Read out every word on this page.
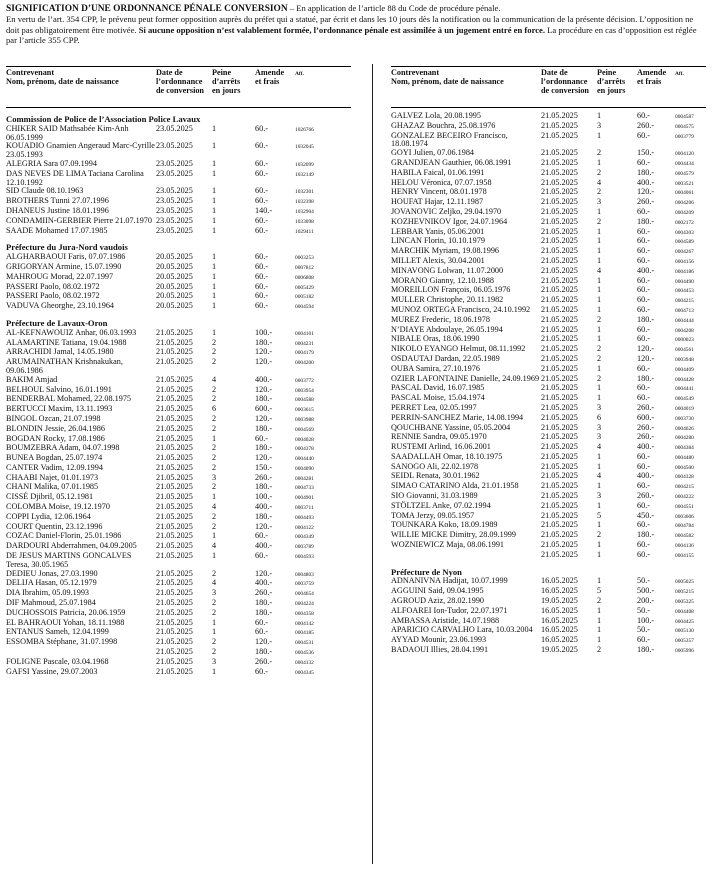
SIGNIFICATION D’UNE ORDONNANCE PÉNALE CONVERSION – En application de l’article 88 du Code de procédure pénale.
En vertu de l’art. 354 CPP, le prévenu peut former opposition auprès du préfet qui a statué, par écrit et dans les 10 jours dès la notification ou la communication de la présente décision. L’opposition ne doit pas obligatoirement être motivée. Si aucune opposition n’est valablement formée, l’ordonnance pénale est assimilée à un jugement entré en force. La procédure en cas d’opposition est réglée par l’article 355 CPP.
Contrevenant
Nom, prénom, date de naissance
Date de
l’ordonnance
de conversion
Peine
d’arrêts
en jours
Amende
et frais
Aff.
Commission de Police de l’Association Police Lavaux
CHIKER SAID Mathsabée Kim-Anh 06.05.1999
23.05.2025	1	60.-	1026766
KOUADIO Gnamien Angeraud Marc-Cyrille 23.05.1993
23.05.2025	1	60.-	1032045
ALEGRIA Sara 07.09.1994	23.05.2025	1	60.-	1032099
DAS NEVES DE LIMA Taciana Carolina 12.10.1992
23.05.2025	1	60.-	1032149
SID Claude 08.10.1963	23.05.2025	1	60.-	1032301
BROTHERS Tunni 27.07.1996	23.05.2025	1	60.-	1032398
DHANEUS Justine 18.01.1996	23.05.2025	1	140.-	1032904
CONDAMIIN-GERBIER Pierre 21.07.1970 23.05.2025	1	60.-	1033098
SAADE Mohamed 17.07.1985	23.05.2025	1	60.-	1029411
Préfecture du Jura-Nord vaudois
ALGHARBAOUI Faris, 07.07.1986	20.05.2025	1	60.-	0003253
GRIGORYAN Armine, 15.07.1990	20.05.2025	1	60.-	0007812
MAHROUG Morad, 22.07.1997	20.05.2025	1	60.-	0006808
PASSERI Paolo, 08.02.1972	20.05.2025	1	60.-	0005429
PASSERI Paolo, 08.02.1972	20.05.2025	1	60.-	0005182
VADUVA Gheorghe, 23.10.1964	20.05.2025	1	60.-	0004594
Préfecture de Lavaux-Oron
AL-KEFNAWOUIZ Anhar, 06.03.1993	21.05.2025	1	100.-	0004101
ALAMARTINE Tatiana, 19.04.1988	21.05.2025	2	180.-	0004231
ARRACHIDI Jamal, 14.05.1980	21.05.2025	2	120.-	0004179
ARUMAINATHAN Krishnakukan, 09.06.1986
21.05.2025	2	120.-	0004200
BAKIM Amjad	21.05.2025	4	400.-	0003772
BELHOUL Salvino, 16.01.1991	21.05.2025	2	120.-	0003954
BENDERBAL Mohamed, 22.08.1975	21.05.2025	2	180.-	0004588
BERTUCCI Maxim, 13.11.1993	21.05.2025	6	600.-	0003615
BINGOL Ozcan, 21.07.1998	21.05.2025	2	120.-	0003988
BLONDIN Jessie, 26.04.1986	21.05.2025	2	180.-	0004569
BOGDAN Rocky, 17.08.1986	21.05.2025	1	60.-	0004028
BOUMZEBRA Adam, 04.07.1998	21.05.2025	2	180.-	0004378
BUNEA Bogdan, 25.07.1974	21.05.2025	2	120.-	0004440
CANTER Vadim, 12.09.1994	21.05.2025	2	150.-	0004090
CHAABI Najet, 01.01.1973	21.05.2025	3	260.-	0004281
CHANI Malika, 07.01.1985	21.05.2025	2	180.-	0004733
CISSÉ Djibril, 05.12.1981	21.05.2025	1	100.-	0004901
COLOMBA Moise, 19.12.1970	21.05.2025	4	400.-	0003711
COPPI Lydia, 12.06.1964	21.05.2025	2	180.-	0004493
COURT Quentin, 23.12.1996	21.05.2025	2	120.-	0004122
COZAC Daniel-Florin, 25.01.1986	21.05.2025	1	60.-	0004349
DARDOURI Abderrahmen, 04.09.2005	21.05.2025	4	400.-	0003789
DE JESUS MARTINS GONCALVES Teresa, 30.05.1965
21.05.2025	1	60.-	0004593
DEDIEU Jonas, 27.03.1990	21.05.2025	2	120.-	0004803
DELIJA Hasan, 05.12.1979	21.05.2025	4	400.-	0003759
DIA Ibrahim, 05.09.1993	21.05.2025	3	260.-	0004654
DIF Mahmoud, 25.07.1984	21.05.2025	2	180.-	0004224
DUCHOSSOIS Patricia, 20.06.1959	21.05.2025	2	180.-	0004358
EL BAHRAOUI Yohan, 18.11.1988	21.05.2025	1	60.-	0004142
ENTANUS Sameh, 12.04.1999	21.05.2025	1	60.-	0004185
ESSOMBA Stéphane, 31.07.1998	21.05.2025	2	120.-	0004531
21.05.2025	2	180.-	0004536
FOLIGNE Pascale, 03.04.1968	21.05.2025	3	260.-	0004132
GAFSI Yassine, 29.07.2003	21.05.2025	1	60.-	0004345
Contrevenant
Nom, prénom, date de naissance
Date de
l’ordonnance
de conversion
Peine
d’arrêts
en jours
Amende
et frais
Aff.
GALVEZ Lola, 20.08.1995	21.05.2025	1	60.-	0004587
GHAZAZ Bouchra, 25.08.1976	21.05.2025	3	260.-	0004575
GONZALEZ BECEIRO Francisco, 18.08.1974
21.05.2025	1	60.-	0003779
GOYI Julien, 07.06.1984	21.05.2025	2	150.-	0004120
GRANDJEAN Gauthier, 06.08.1991	21.05.2025	1	60.-	0004434
HABILA Faical, 01.06.1991	21.05.2025	2	180.-	0004579
HELOU Véronica, 07.07.1958	21.05.2025	4	400.-	0003521
HENRY Vincent, 08.01.1978	21.05.2025	2	120.-	0004061
HOUFAT Hajar, 12.11.1987	21.05.2025	3	260.-	0004206
JOVANOVIC Zeljko, 29.04.1970	21.05.2025	1	60.-	0004209
KOZHEVNIKOV Igor, 24.07.1964	21.05.2025	2	180.-	0002172
LEBBAR Yanis, 05.06.2001	21.05.2025	1	60.-	0004303
LINCAN Florin, 10.10.1979	21.05.2025	1	60.-	0004589
MARCHIK Myriam, 19.08.1996	21.05.2025	1	60.-	0004267
MILLET Alexis, 30.04.2001	21.05.2025	1	60.-	0004156
MINAVONG Lolwan, 11.07.2000	21.05.2025	4	400.-	0004186
MORANO Gianny, 12.10.1988	21.05.2025	1	60.-	0004490
MOREILLON François, 06.05.1976	21.05.2025	1	60.-	0004453
MULLER Christophe, 20.11.1982	21.05.2025	1	60.-	0004215
MUNOZ ORTEGA Francisco, 24.10.1992	21.05.2025	1	60.-	0004713
MUREZ Frederic, 18.06.1978	21.05.2025	2	180.-	0004444
N’DIAYE Abdoulaye, 26.05.1994	21.05.2025	1	60.-	0004208
NIBALE Oras, 18.06.1990	21.05.2025	1	60.-	0000023
NIKOLO EYANGO Helmut, 08.11.1992	21.05.2025	2	120.-	0004561
OSDAUTAJ Dardan, 22.05.1989	21.05.2025	2	120.-	0003948
OUBA Samira, 27.10.1976	21.05.2025	1	60.-	0004409
OZIER LAFONTAINE Danielle, 24.09.1969 21.05.2025	2	180.-	0004428
PASCAL David, 16.07.1985	21.05.2025	1	60.-	0004441
PASCAL Moise, 15.04.1974	21.05.2025	1	60.-	0004549
PERRET Lea, 02.05.1997	21.05.2025	3	260.-	0004019
PERRIN-SANCHEZ Marie, 14.08.1994	21.05.2025	6	600.-	0003730
QOUCHBANE Yassine, 05.05.2004	21.05.2025	3	260.-	0004626
RENNIE Sandra, 09.05.1970	21.05.2025	3	260.-	0004280
RUSTEMI Arlind, 16.06.2001	21.05.2025	4	400.-	0004384
SAADALLAH Omar, 18.10.1975	21.05.2025	1	60.-	0004480
SANOGO Ali, 22.02.1978	21.05.2025	1	60.-	0004500
SEIDL Renata, 30.01.1962	21.05.2025	4	400.-	0004328
SIMAO CATARINO Alda, 21.01.1958	21.05.2025	1	60.-	0004215
SIO Giovanni, 31.03.1989	21.05.2025	3	260.-	0004222
STÖLTZEL Anke, 07.02.1994	21.05.2025	1	60.-	0004551
TOMA Jerzy, 09.05.1957	21.05.2025	5	450.-	0003606
TOUNKARA Koko, 18.09.1989	21.05.2025	1	60.-	0004784
WILLIE MICKE Dimitry, 28.09.1999	21.05.2025	2	180.-	0004582
WOZNIEWICZ Maja, 08.06.1991	21.05.2025	1	60.-	0004136
21.05.2025	1	60.-	0004155
Préfecture de Nyon
ADNANIVNA Hadijat, 10.07.1999	16.05.2025	1	50.-	0005025
AGGUINI Said, 09.04.1995	16.05.2025	5	500.-	0005215
AGROUD Aziz, 28.02.1990	19.05.2025	2	200.-	0005325
ALFOAREI Ion-Tudor, 22.07.1971	16.05.2025	1	50.-	0004408
AMBASSA Aristide, 14.07.1988	16.05.2025	1	100.-	0004425
APARICIO CARVALHO Lara, 10.03.2004	16.05.2025	1	50.-	0005130
AYYAD Mounir, 23.06.1993	16.05.2025	1	60.-	0005357
BADAOUI Illies, 28.04.1991	19.05.2025	2	180.-	0005996
